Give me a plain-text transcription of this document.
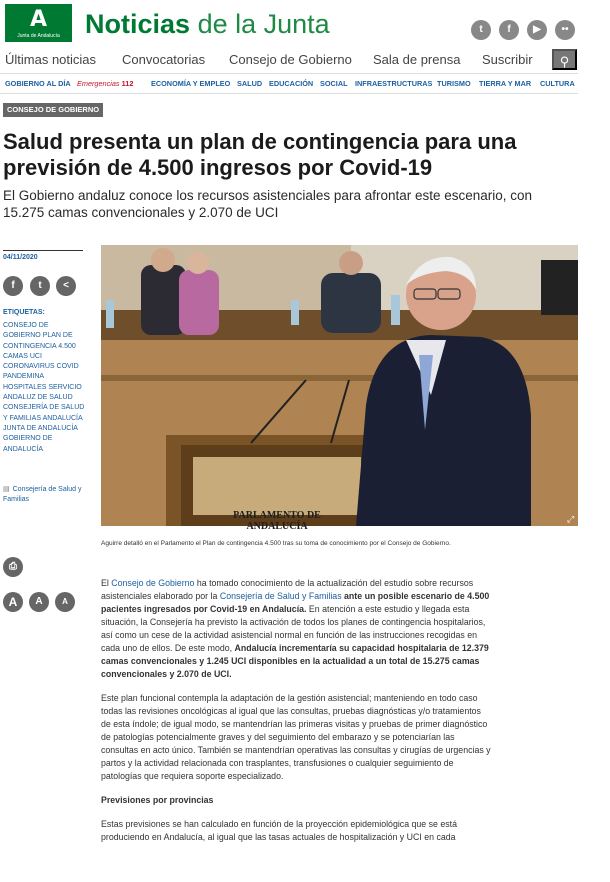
A
Junta de Andalucía Noticias de la Junta	t	f	▶	••
Últimas noticias Convocatorias Consejo de Gobierno Sala de prensa Suscribir	⚲
GOBIERNO AL DÍA Emergencias 112 ECONOMÍA Y EMPLEO SALUD EDUCACIÓN SOCIAL INFRAESTRUCTURAS TURISMO TIERRA Y MAR CULTURA
CONSEJO DE GOBIERNO
Salud presenta un plan de contingencia para una previsión de 4.500 ingresos por Covid-19

El Gobierno andaluz conoce los recursos asistenciales para afrontar este escenario, con 15.275 camas convencionales y 2.070 de UCI

04/11/2020
f	t	<
ETIQUETAS:
CONSEJO DE GOBIERNO PLAN DE CONTINGENCIA 4.500 CAMAS UCI CORONAVIRUS COVID PANDEMINA HOSPITALES SERVICIO ANDALUZ DE SALUD CONSEJERÍA DE SALUD Y FAMILIAS ANDALUCÍA JUNTA DE ANDALUCÍA GOBIERNO DE ANDALUCÍA
▤ Consejería de Salud y Familias
⎙
A	A	A
PARLAMENTO DE ANDALUCÍA
⤢

Aguirre detalló en el Parlamento el Plan de contingencia 4.500 tras su toma de conocimiento por el Consejo de Gobierno.

El Consejo de Gobierno ha tomado conocimiento de la actualización del estudio sobre recursos asistenciales elaborado por la Consejería de Salud y Familias ante un posible escenario de 4.500 pacientes ingresados por Covid-19 en Andalucía. En atención a este estudio y llegada esta situación, la Consejería ha previsto la activación de todos los planes de contingencia hospitalarios, así como un cese de la actividad asistencial normal en función de las instrucciones recogidas en cada uno de ellos. De este modo, Andalucía incrementaría su capacidad hospitalaria de 12.379 camas convencionales y 1.245 UCI disponibles en la actualidad a un total de 15.275 camas convencionales y 2.070 de UCI.

Este plan funcional contempla la adaptación de la gestión asistencial; manteniendo en todo caso todas las revisiones oncológicas al igual que las consultas, pruebas diagnósticas y/o tratamientos de esta índole; de igual modo, se mantendrían las primeras visitas y pruebas de primer diagnóstico de patologías potencialmente graves y del seguimiento del embarazo y se potenciarían las consultas en acto único. También se mantendrían operativas las consultas y cirugías de urgencias y partos y la actividad relacionada con trasplantes, transfusiones o cualquier seguimiento de patologías que requiera soporte especializado.

Previsiones por provincias

Estas previsiones se han calculado en función de la proyección epidemiológica que se está produciendo en Andalucía, al igual que las tasas actuales de hospitalización y UCI en cada
